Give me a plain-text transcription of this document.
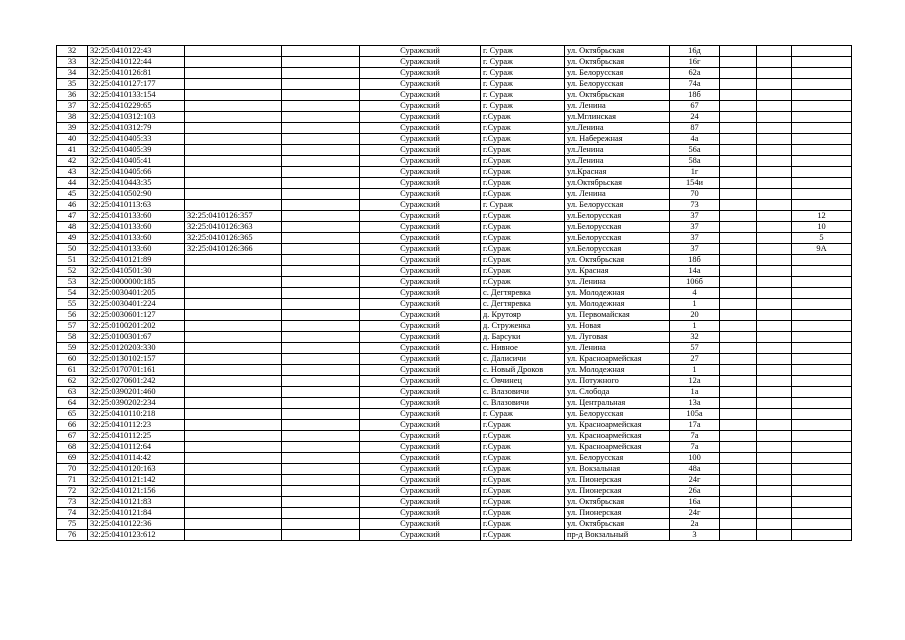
32	32:25:0410122:43			Суражский	г. Сураж	ул. Октябрьская	16д			
33	32:25:0410122:44			Суражский	г. Сураж	ул. Октябрьская	16г			
34	32:25:0410126:81			Суражский	г. Сураж	ул. Белорусская	62а			
35	32:25:0410127:177			Суражский	г. Сураж	ул. Белорусская	74а			
36	32:25:0410133:154			Суражский	г. Сураж	ул. Октябрьская	18б			
37	32:25:0410229:65			Суражский	г. Сураж	ул. Ленина	67			
38	32:25:0410312:103			Суражский	г.Сураж	ул.Мглинская	24			
39	32:25:0410312:79			Суражский	г.Сураж	ул.Ленина	87			
40	32:25:0410405:33			Суражский	г.Сураж	ул. Набережная	4а			
41	32:25:0410405:39			Суражский	г.Сураж	ул.Ленина	56а			
42	32:25:0410405:41			Суражский	г.Сураж	ул.Ленина	58а			
43	32:25:0410405:66			Суражский	г.Сураж	ул.Красная	1г			
44	32:25:0410443:35			Суражский	г.Сураж	ул.Октябрьская	154и			
45	32:25:0410502:90			Суражский	г.Сураж	ул. Ленина	70			
46	32:25:0410113:63			Суражский	г. Сураж	ул. Белорусская	73			
47	32:25:0410133:60	32:25:0410126:357		Суражский	г.Сураж	ул.Белорусская	37			12
48	32:25:0410133:60	32:25:0410126:363		Суражский	г.Сураж	ул.Белорусская	37			10
49	32:25:0410133:60	32:25:0410126:365		Суражский	г.Сураж	ул.Белорусская	37			5
50	32:25:0410133:60	32:25:0410126:366		Суражский	г.Сураж	ул.Белорусская	37			9А
51	32:25:0410121:89			Суражский	г.Сураж	ул. Октябрьская	18б			
52	32:25:0410501:30			Суражский	г.Сураж	ул. Красная	14а			
53	32:25:0000000:185			Суражский	г.Сураж	ул. Ленина	106б			
54	32:25:0030401:205			Суражский	с. Дегтяревка	ул. Молодежная	4			
55	32:25:0030401:224			Суражский	с. Дегтяревка	ул. Молодежная	1			
56	32:25:0030601:127			Суражский	д. Крутояр	ул. Первомайская	20			
57	32:25:0100201:202			Суражский	д. Струженка	ул. Новая	1			
58	32:25:0100301:67			Суражский	д. Барсуки	ул. Луговая	32			
59	32:25:0120203:330			Суражский	с. Нивное	ул. Ленина	57			
60	32:25:0130102:157			Суражский	с. Далисичи	ул. Красноармейская	27			
61	32:25:0170701:161			Суражский	с. Новый Дроков	ул. Молодежная	1			
62	32:25:0270601:242			Суражский	с. Овчинец	ул. Потужного	12а			
63	32:25:0390201:460			Суражский	с. Влазовичи	ул. Слобода	1а			
64	32:25:0390202:234			Суражский	с. Влазовичи	ул. Центральная	13а			
65	32:25:0410110:218			Суражский	г. Сураж	ул. Белорусская	105а			
66	32:25:0410112:23			Суражский	г.Сураж	ул. Красноармейская	17а			
67	32:25:0410112:25			Суражский	г.Сураж	ул. Красноармейская	7а			
68	32:25:0410112:64			Суражский	г.Сураж	ул. Красноармейская	7а			
69	32:25:0410114:42			Суражский	г.Сураж	ул. Белорусская	100			
70	32:25:0410120:163			Суражский	г.Сураж	ул. Вокзальная	48а			
71	32:25:0410121:142			Суражский	г.Сураж	ул. Пионерская	24г			
72	32:25:0410121:156			Суражский	г.Сураж	ул. Пионерская	26а			
73	32:25:0410121:83			Суражский	г.Сураж	ул. Октябрьская	16а			
74	32:25:0410121:84			Суражский	г.Сураж	ул. Пионерская	24г			
75	32:25:0410122:36			Суражский	г.Сураж	ул. Октябрьская	2а			
76	32:25:0410123:612			Суражский	г.Сураж	пр-д Вокзальный	3			
